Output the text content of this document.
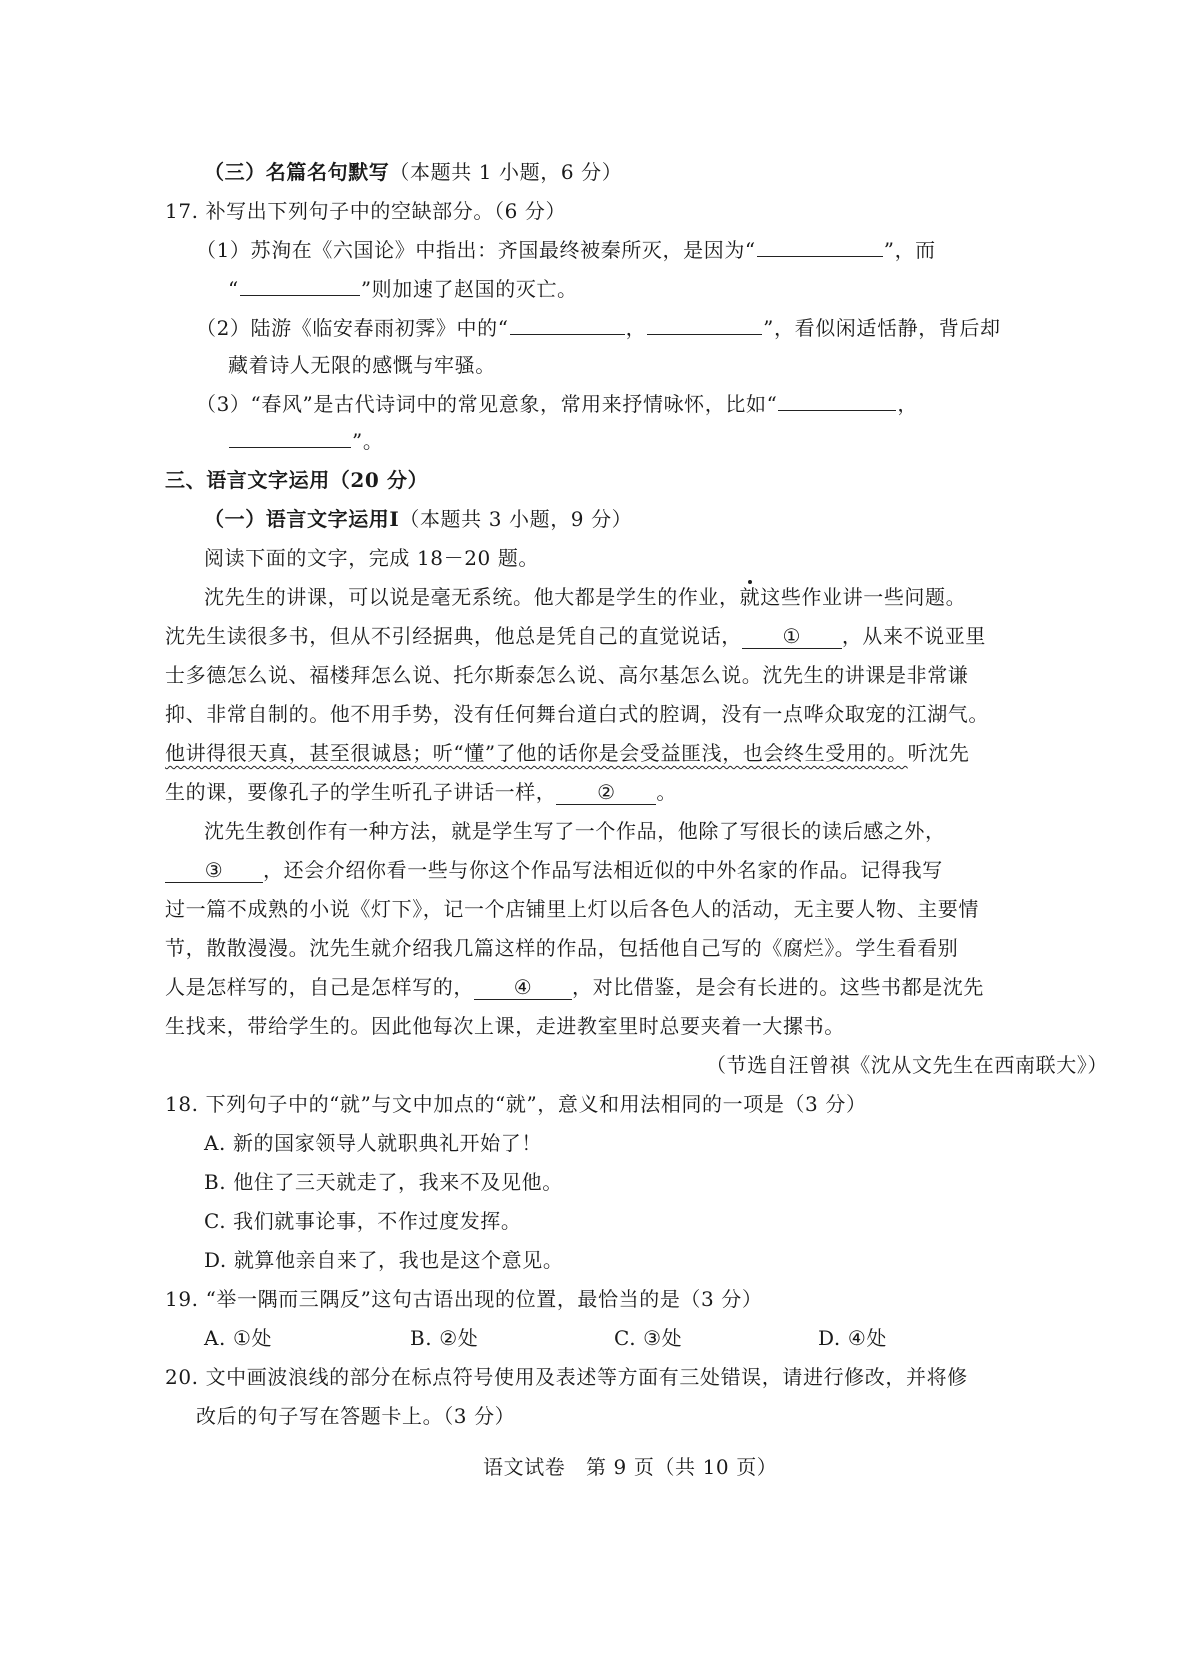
（三）名篇名句默写（本题共 1 小题，6 分）
17. 补写出下列句子中的空缺部分。（6 分）
（1）苏洵在《六国论》中指出：齐国最终被秦所灭，是因为“	”，而
“	”则加速了赵国的灭亡。
（2）陆游《临安春雨初霁》中的“	，	”，看似闲适恬静，背后却
藏着诗人无限的感慨与牢骚。
（3）“春风”是古代诗词中的常见意象，常用来抒情咏怀，比如“	，
”。
三、语言文字运用（20 分）
（一）语言文字运用Ⅰ（本题共 3 小题，9 分）
阅读下面的文字，完成 18－20 题。
沈先生的讲课，可以说是毫无系统。他大都是学生的作业，就这些作业讲一些问题。
沈先生读很多书，但从不引经据典，他总是凭自己的直觉说话， ① ，从来不说亚里
士多德怎么说、福楼拜怎么说、托尔斯泰怎么说、高尔基怎么说。沈先生的讲课是非常谦
抑、非常自制的。他不用手势，没有任何舞台道白式的腔调，没有一点哗众取宠的江湖气。
他讲得很天真，甚至很诚恳；听“懂”了他的话你是会受益匪浅，也会终生受用的。听沈先
生的课，要像孔子的学生听孔子讲话一样， ② 。
沈先生教创作有一种方法，就是学生写了一个作品，他除了写很长的读后感之外，
③ ，还会介绍你看一些与你这个作品写法相近似的中外名家的作品。记得我写
过一篇不成熟的小说《灯下》，记一个店铺里上灯以后各色人的活动，无主要人物、主要情
节，散散漫漫。沈先生就介绍我几篇这样的作品，包括他自己写的《腐烂》。学生看看别
人是怎样写的，自己是怎样写的， ④ ，对比借鉴，是会有长进的。这些书都是沈先
生找来，带给学生的。因此他每次上课，走进教室里时总要夹着一大摞书。
（节选自汪曾祺《沈从文先生在西南联大》）
18. 下列句子中的“就”与文中加点的“就”，意义和用法相同的一项是（3 分）
A. 新的国家领导人就职典礼开始了！
B. 他住了三天就走了，我来不及见他。
C. 我们就事论事，不作过度发挥。
D. 就算他亲自来了，我也是这个意见。
19. “举一隅而三隅反”这句古语出现的位置，最恰当的是（3 分）
A. ①处	B. ②处	C. ③处	D. ④处
20. 文中画波浪线的部分在标点符号使用及表述等方面有三处错误，请进行修改，并将修
改后的句子写在答题卡上。（3 分）
语文试卷　第 9 页（共 10 页）
